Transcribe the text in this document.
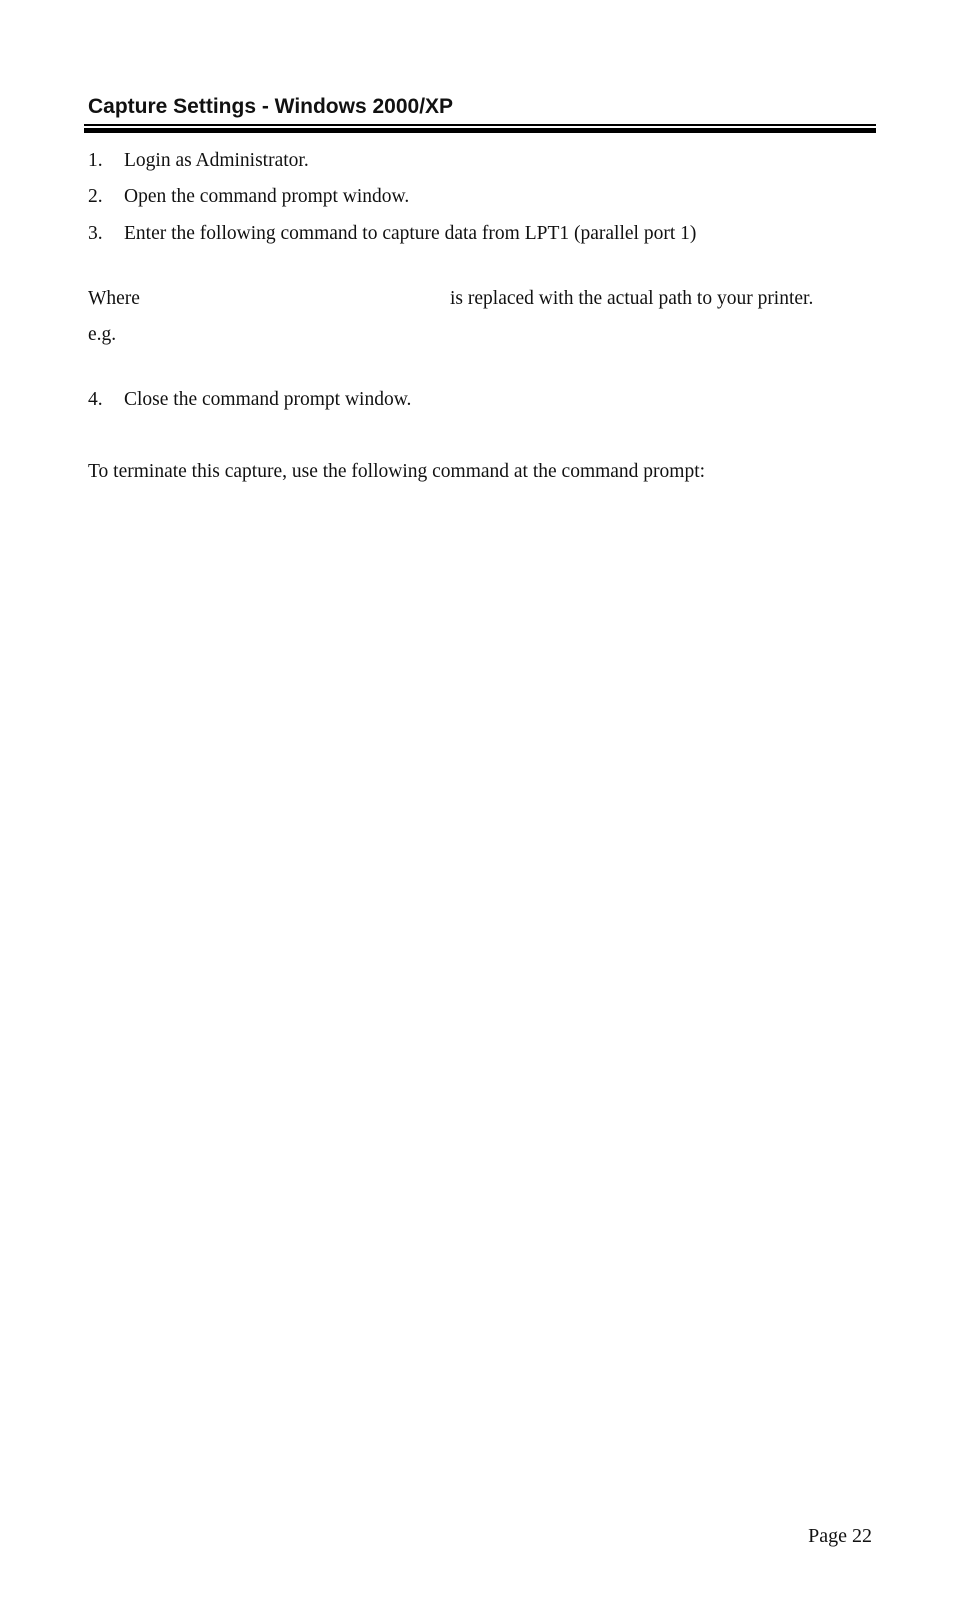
Capture Settings - Windows 2000/XP
1. Login as Administrator.
2. Open the command prompt window.
3. Enter the following command to capture data from LPT1 (parallel port 1)
Where	is replaced with the actual path to your printer.
e.g.
4. Close the command prompt window.
To terminate this capture, use the following command at the command prompt:
Page 22
